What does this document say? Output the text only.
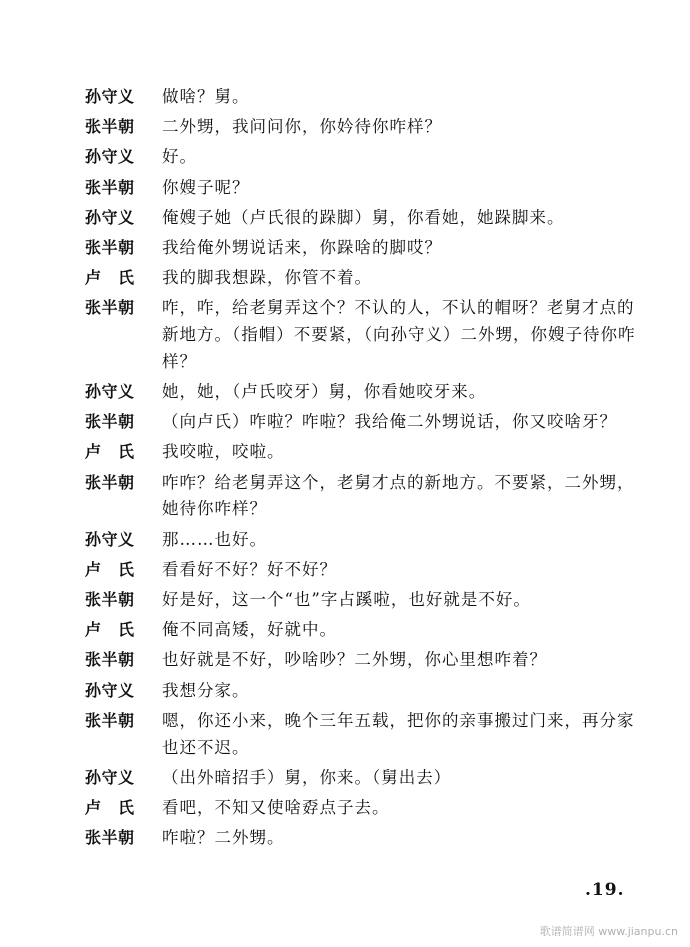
孙守义	做啥？舅。
张半朝	二外甥，我问问你，你妗待你咋样？
孙守义	好。
张半朝	你嫂子呢？
孙守义	俺嫂子她（卢氏很的跺脚）舅，你看她，她跺脚来。
张半朝	我给俺外甥说话来，你跺啥的脚哎？
卢　氏	我的脚我想跺，你管不着。
张半朝	咋，咋，给老舅弄这个？不认的人，不认的帽呀？老舅才点的新地方。（指帽）不要紧，（向孙守义）二外甥，你嫂子待你咋样？
孙守义	她，她，（卢氏咬牙）舅，你看她咬牙来。
张半朝	（向卢氏）咋啦？咋啦？我给俺二外甥说话，你又咬啥牙？
卢　氏	我咬啦，咬啦。
张半朝	咋咋？给老舅弄这个，老舅才点的新地方。不要紧，二外甥，她待你咋样？
孙守义	那……也好。
卢　氏	看看好不好？好不好？
张半朝	好是好，这一个“也”字占蹊啦，也好就是不好。
卢　氏	俺不同高矮，好就中。
张半朝	也好就是不好，吵啥吵？二外甥，你心里想咋着？
孙守义	我想分家。
张半朝	嗯，你还小来，晚个三年五载，把你的亲事搬过门来，再分家也还不迟。
孙守义	（出外暗招手）舅，你来。（舅出去）
卢　氏	看吧，不知又使啥孬点子去。
张半朝	咋啦？二外甥。
.19.
歌谱简谱网 www.jianpu.cn
